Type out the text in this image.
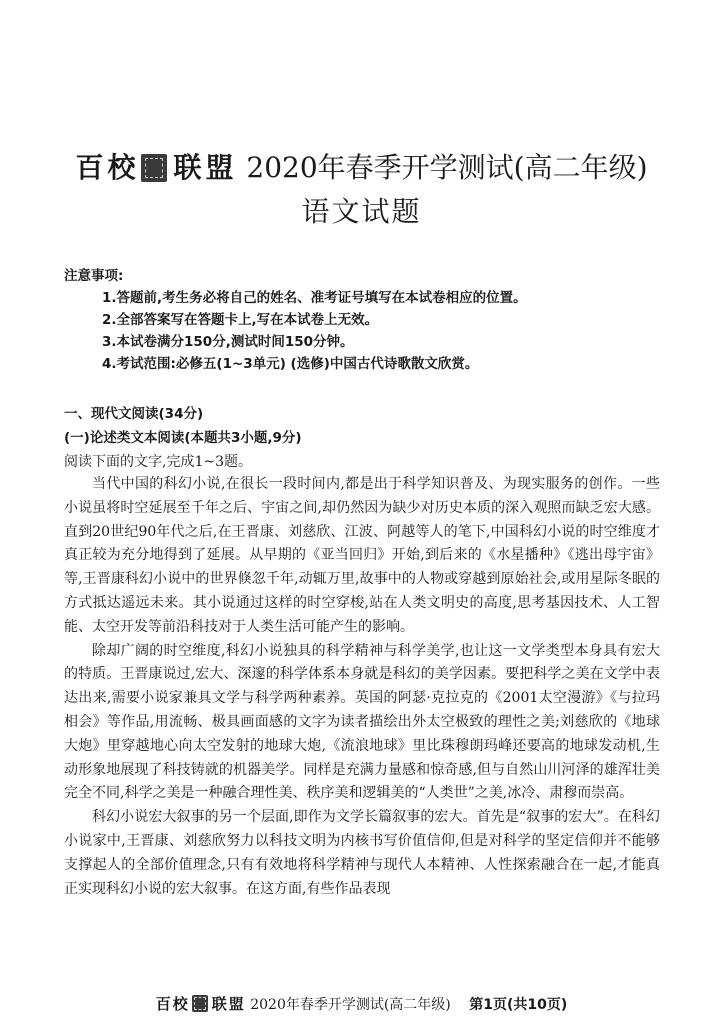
百校 联盟 2020年春季开学测试(高二年级)
语文试题
注意事项:
1.答题前,考生务必将自己的姓名、准考证号填写在本试卷相应的位置。
2.全部答案写在答题卡上,写在本试卷上无效。
3.本试卷满分150分,测试时间150分钟。
4.考试范围:必修五(1~3单元) (选修)中国古代诗歌散文欣赏。
一、现代文阅读(34分)
(一)论述类文本阅读(本题共3小题,9分)
阅读下面的文字,完成1~3题。

当代中国的科幻小说,在很长一段时间内,都是出于科学知识普及、为现实服务的创作。一些小说虽将时空延展至千年之后、宇宙之间,却仍然因为缺少对历史本质的深入观照而缺乏宏大感。直到20世纪90年代之后,在王晋康、刘慈欣、江波、阿越等人的笔下,中国科幻小说的时空维度才真正较为充分地得到了延展。从早期的《亚当回归》开始,到后来的《水星播种》《逃出母宇宙》等,王晋康科幻小说中的世界倏忽千年,动辄万里,故事中的人物或穿越到原始社会,或用星际冬眠的方式抵达遥远未来。其小说通过这样的时空穿梭,站在人类文明史的高度,思考基因技术、人工智能、太空开发等前沿科技对于人类生活可能产生的影响。

除却广阔的时空维度,科幻小说独具的科学精神与科学美学,也让这一文学类型本身具有宏大的特质。王晋康说过,宏大、深邃的科学体系本身就是科幻的美学因素。要把科学之美在文学中表达出来,需要小说家兼具文学与科学两种素养。英国的阿瑟·克拉克的《2001太空漫游》《与拉玛相会》等作品,用流畅、极具画面感的文字为读者描绘出外太空极致的理性之美;刘慈欣的《地球大炮》里穿越地心向太空发射的地球大炮,《流浪地球》里比珠穆朗玛峰还要高的地球发动机,生动形象地展现了科技铸就的机器美学。同样是充满力量感和惊奇感,但与自然山川河泽的雄浑壮美完全不同,科学之美是一种融合理性美、秩序美和逻辑美的“人类世”之美,冰冷、肃穆而崇高。

科幻小说宏大叙事的另一个层面,即作为文学长篇叙事的宏大。首先是“叙事的宏大”。在科幻小说家中,王晋康、刘慈欣努力以科技文明为内核书写价值信仰,但是对科学的坚定信仰并不能够支撑起人的全部价值理念,只有有效地将科学精神与现代人本精神、人性探索融合在一起,才能真正实现科幻小说的宏大叙事。在这方面,有些作品表现

百校 联盟 2020年春季开学测试(高二年级) 第1页(共10页)
